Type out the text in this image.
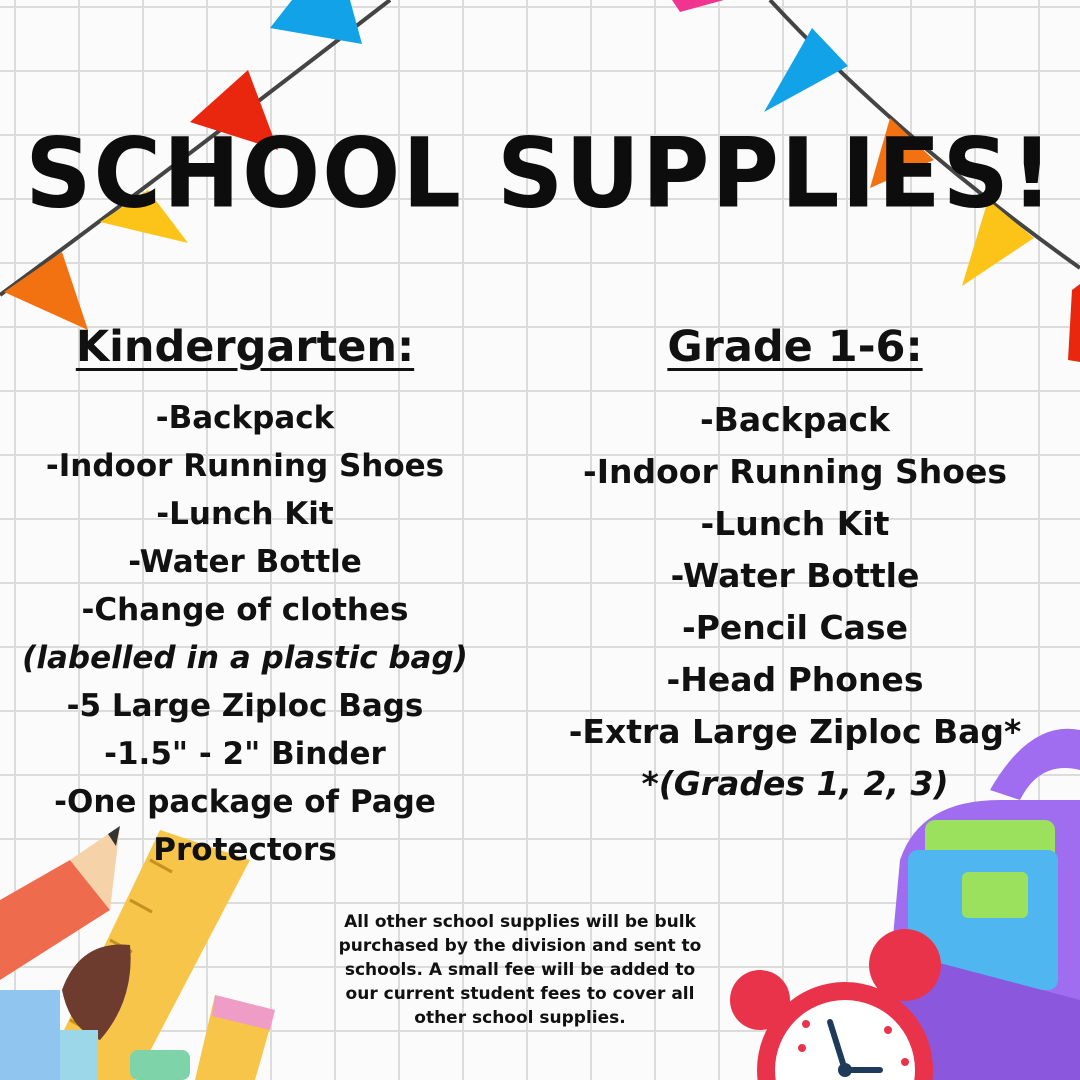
SCHOOL SUPPLIES!
Kindergarten:
-Backpack
-Indoor Running Shoes
-Lunch Kit
-Water Bottle
-Change of clothes
(labelled in a plastic bag)
-5 Large Ziploc Bags
-1.5" - 2" Binder
-One package of Page
Protectors
Grade 1-6:
-Backpack
-Indoor Running Shoes
-Lunch Kit
-Water Bottle
-Pencil Case
-Head Phones
-Extra Large Ziploc Bag*
*(Grades 1, 2, 3)
All other school supplies will be bulk purchased by the division and sent to schools. A small fee will be added to our current student fees to cover all other school supplies.
